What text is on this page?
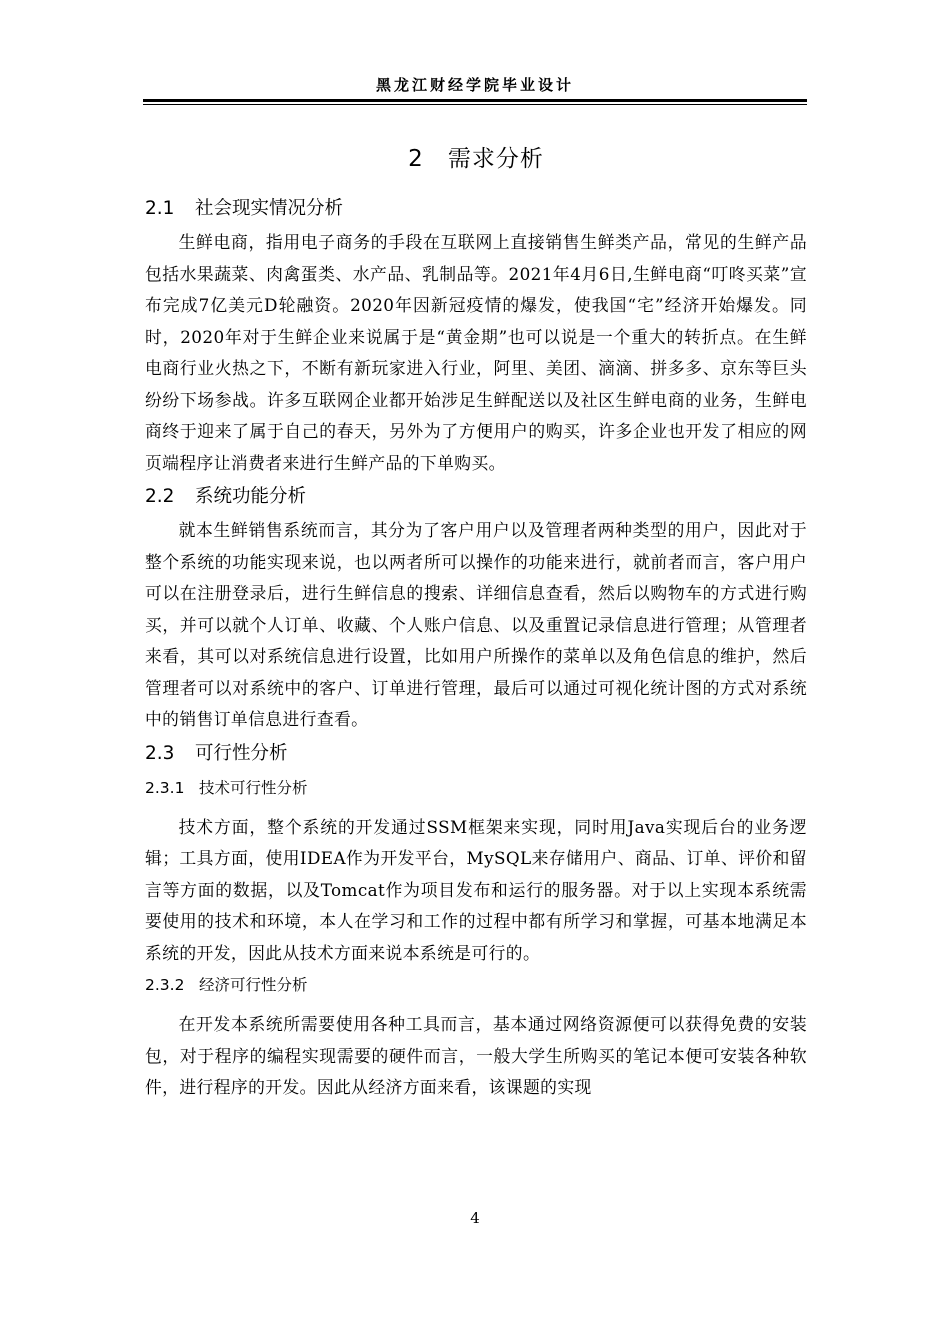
黑龙江财经学院毕业设计
2 需求分析
2.1 社会现实情况分析

生鲜电商，指用电子商务的手段在互联网上直接销售生鲜类产品，常见的生鲜产品包括水果蔬菜、肉禽蛋类、水产品、乳制品等。2021年4月6日,生鲜电商“叮咚买菜”宣布完成7亿美元D轮融资。2020年因新冠疫情的爆发，使我国“宅”经济开始爆发。同时，2020年对于生鲜企业来说属于是“黄金期”也可以说是一个重大的转折点。在生鲜电商行业火热之下，不断有新玩家进入行业，阿里、美团、滴滴、拼多多、京东等巨头纷纷下场参战。许多互联网企业都开始涉足生鲜配送以及社区生鲜电商的业务，生鲜电商终于迎来了属于自己的春天，另外为了方便用户的购买，许多企业也开发了相应的网页端程序让消费者来进行生鲜产品的下单购买。

2.2 系统功能分析

就本生鲜销售系统而言，其分为了客户用户以及管理者两种类型的用户，因此对于整个系统的功能实现来说，也以两者所可以操作的功能来进行，就前者而言，客户用户可以在注册登录后，进行生鲜信息的搜索、详细信息查看，然后以购物车的方式进行购买，并可以就个人订单、收藏、个人账户信息、以及重置记录信息进行管理；从管理者来看，其可以对系统信息进行设置，比如用户所操作的菜单以及角色信息的维护，然后管理者可以对系统中的客户、订单进行管理，最后可以通过可视化统计图的方式对系统中的销售订单信息进行查看。

2.3 可行性分析
2.3.1 技术可行性分析

技术方面，整个系统的开发通过SSM框架来实现，同时用Java实现后台的业务逻辑；工具方面，使用IDEA作为开发平台，MySQL来存储用户、商品、订单、评价和留言等方面的数据，以及Tomcat作为项目发布和运行的服务器。对于以上实现本系统需要使用的技术和环境，本人在学习和工作的过程中都有所学习和掌握，可基本地满足本系统的开发，因此从技术方面来说本系统是可行的。

2.3.2 经济可行性分析

在开发本系统所需要使用各种工具而言，基本通过网络资源便可以获得免费的安装包，对于程序的编程实现需要的硬件而言，一般大学生所购买的笔记本便可安装各种软件，进行程序的开发。因此从经济方面来看，该课题的实现

4
